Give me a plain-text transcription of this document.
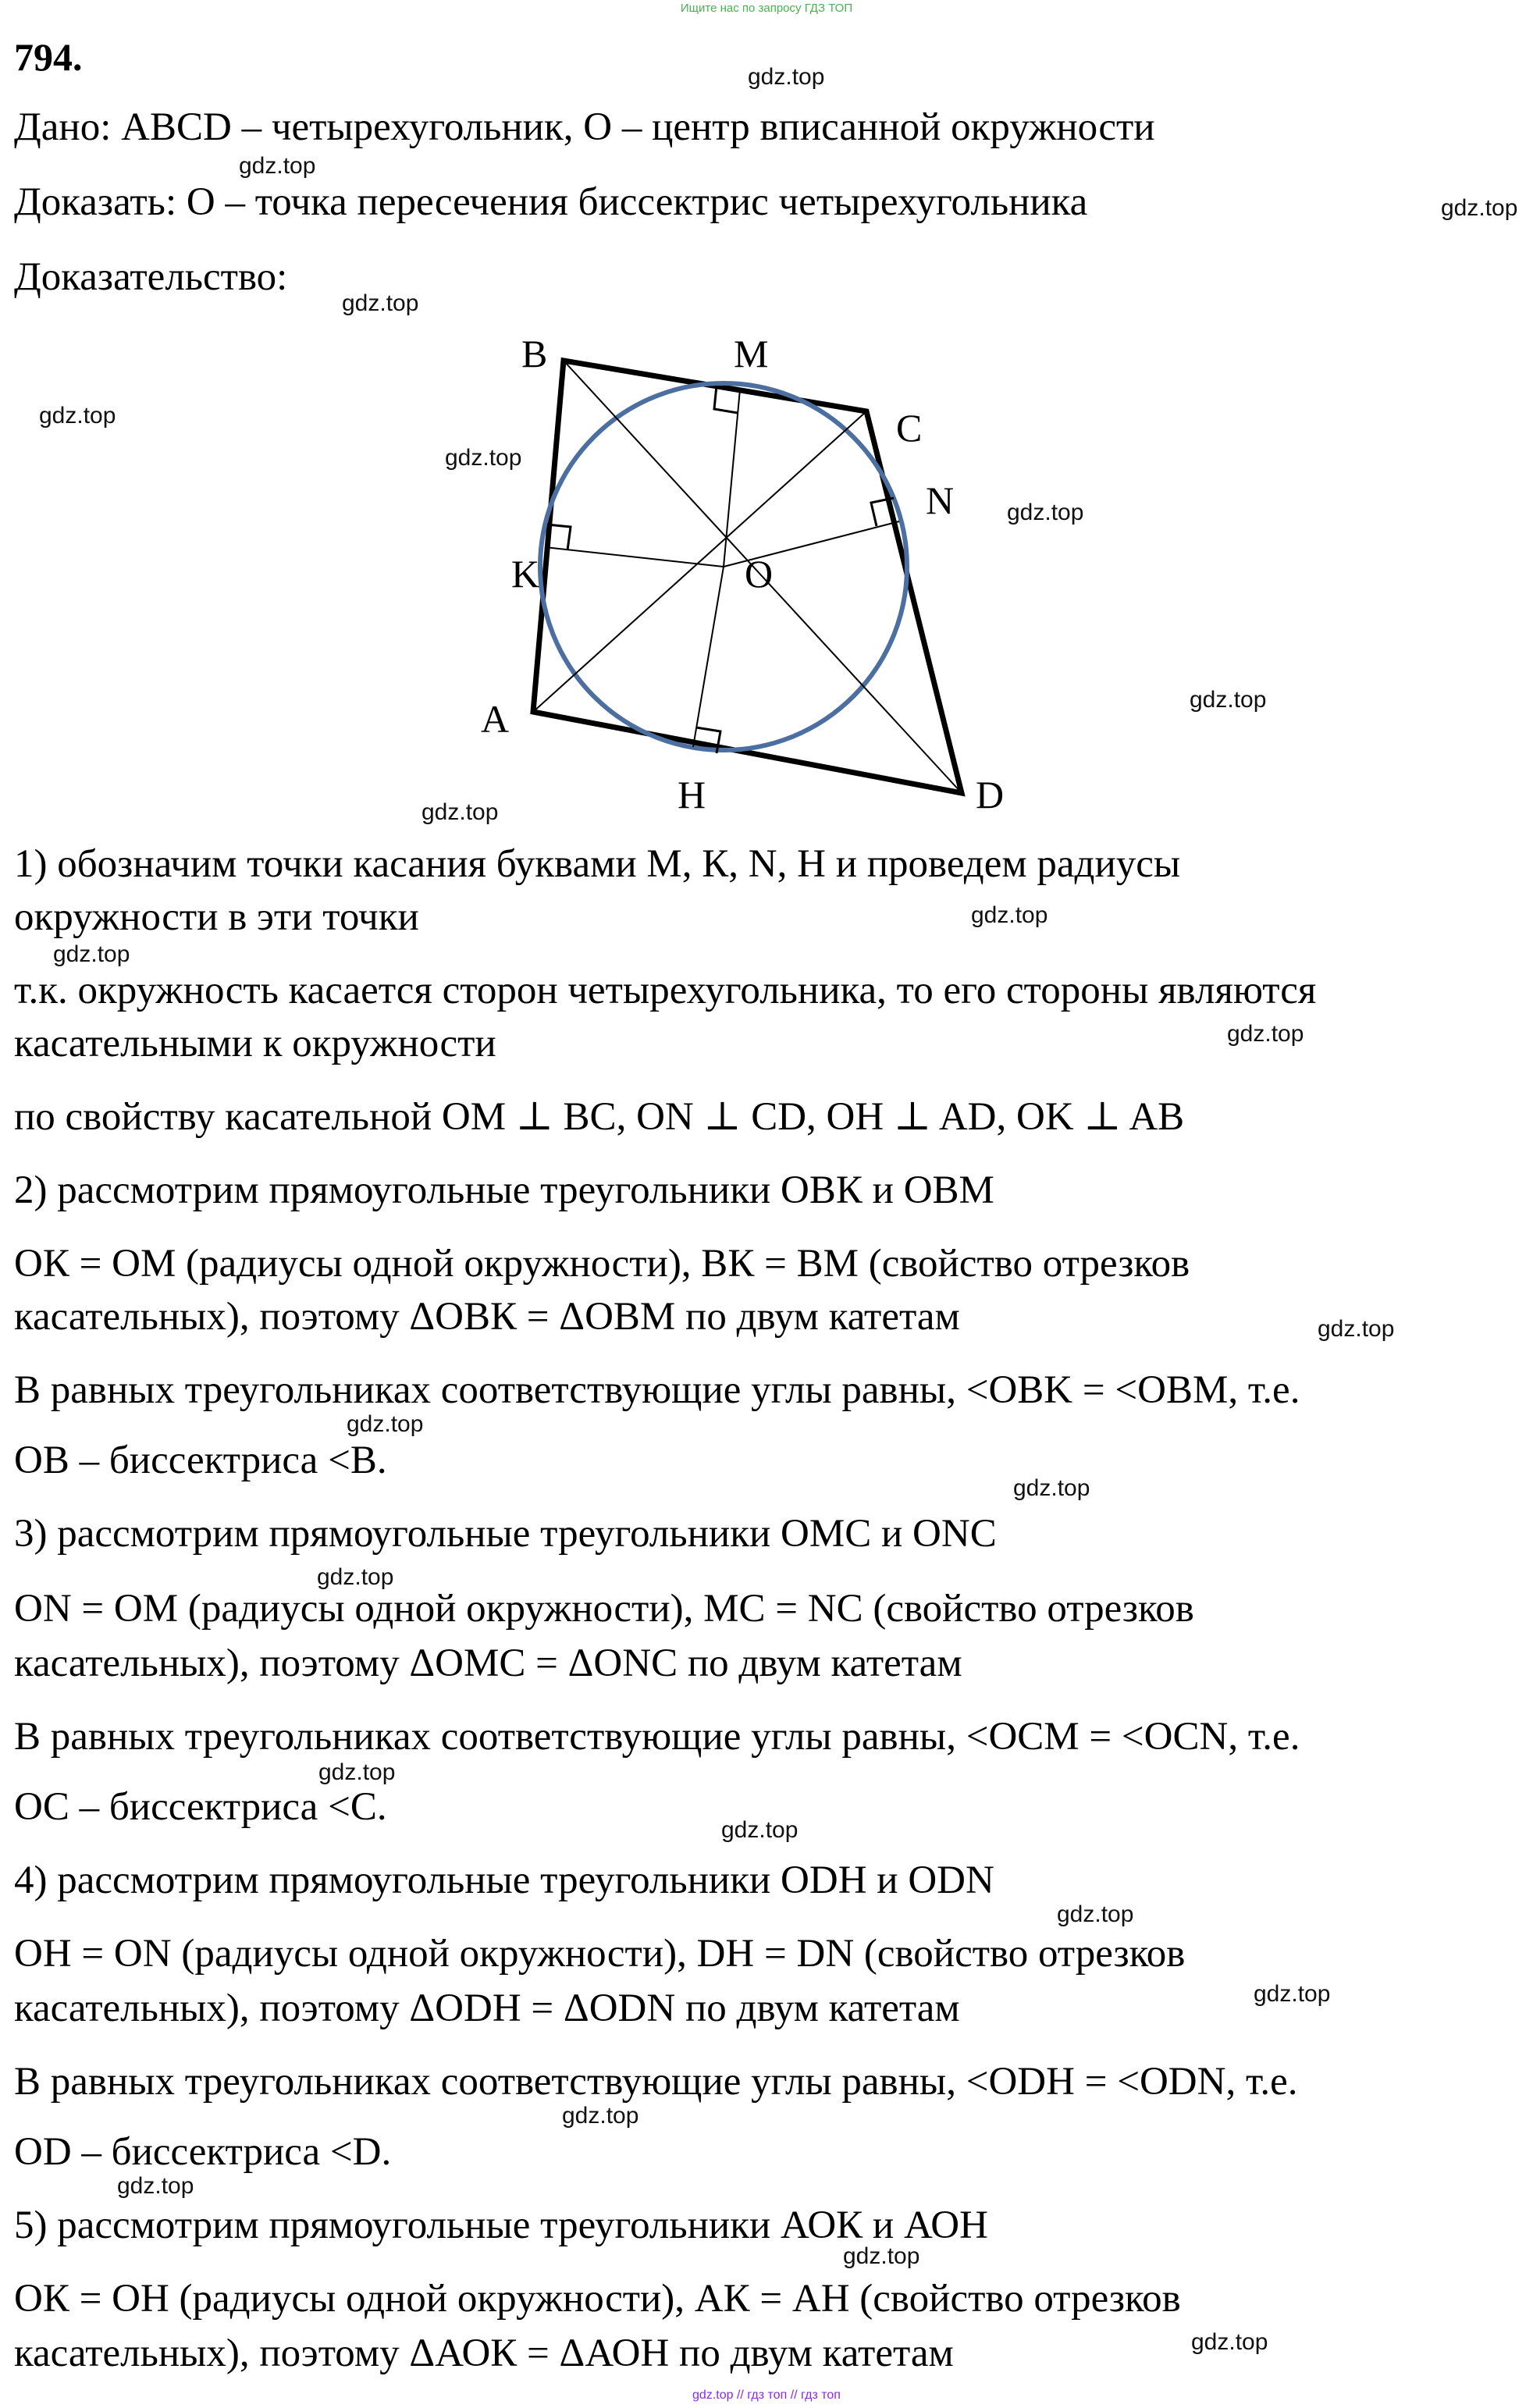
Ищите нас по запросу ГДЗ ТОП
794.
Дано: ABCD – четырехугольник, O – центр вписанной окружности
Доказать: O – точка пересечения биссектрис четырехугольника
Доказательство:
B	M
C
N
K	O
A
H	D
1) обозначим точки касания буквами М, К, N, H и проведем радиусы
окружности в эти точки
т.к. окружность касается сторон четырехугольника, то его стороны являются
касательными к окружности
по свойству касательной ОМ ⊥ ВС, ОN ⊥ CD, OH ⊥ AD, OK ⊥ AB
2) рассмотрим прямоугольные треугольники ОВК и ОВМ
ОК = ОМ (радиусы одной окружности), ВК = ВМ (свойство отрезков
касательных), поэтому ΔОВК = ΔОВМ по двум катетам
В равных треугольниках соответствующие углы равны, <OBK = <OBM, т.е.
OB – биссектриса <B.
3) рассмотрим прямоугольные треугольники ОМС и ОNC
ON = OM (радиусы одной окружности), MC = NC (свойство отрезков
касательных), поэтому ΔОМС = ΔОNC по двум катетам
В равных треугольниках соответствующие углы равны, <OCM = <OCN, т.е.
OC – биссектриса <C.
4) рассмотрим прямоугольные треугольники ОDH и ОDN
OH = ON (радиусы одной окружности), DH = DN (свойство отрезков
касательных), поэтому ΔОDH = ΔОDN по двум катетам
В равных треугольниках соответствующие углы равны, <ODH = <ODN, т.е.
OD – биссектриса <D.
5) рассмотрим прямоугольные треугольники АОК и АОН
ОК = ОН (радиусы одной окружности), АК = АН (свойство отрезков
касательных), поэтому ΔАОК = ΔАОН по двум катетам
gdz.top
gdz.top
gdz.top
gdz.top
gdz.top
gdz.top
gdz.top
gdz.top
gdz.top
gdz.top
gdz.top
gdz.top
gdz.top
gdz.top
gdz.top
gdz.top
gdz.top
gdz.top
gdz.top
gdz.top
gdz.top
gdz.top
gdz.top
gdz.top
gdz.top // гдз топ // гдз топ
